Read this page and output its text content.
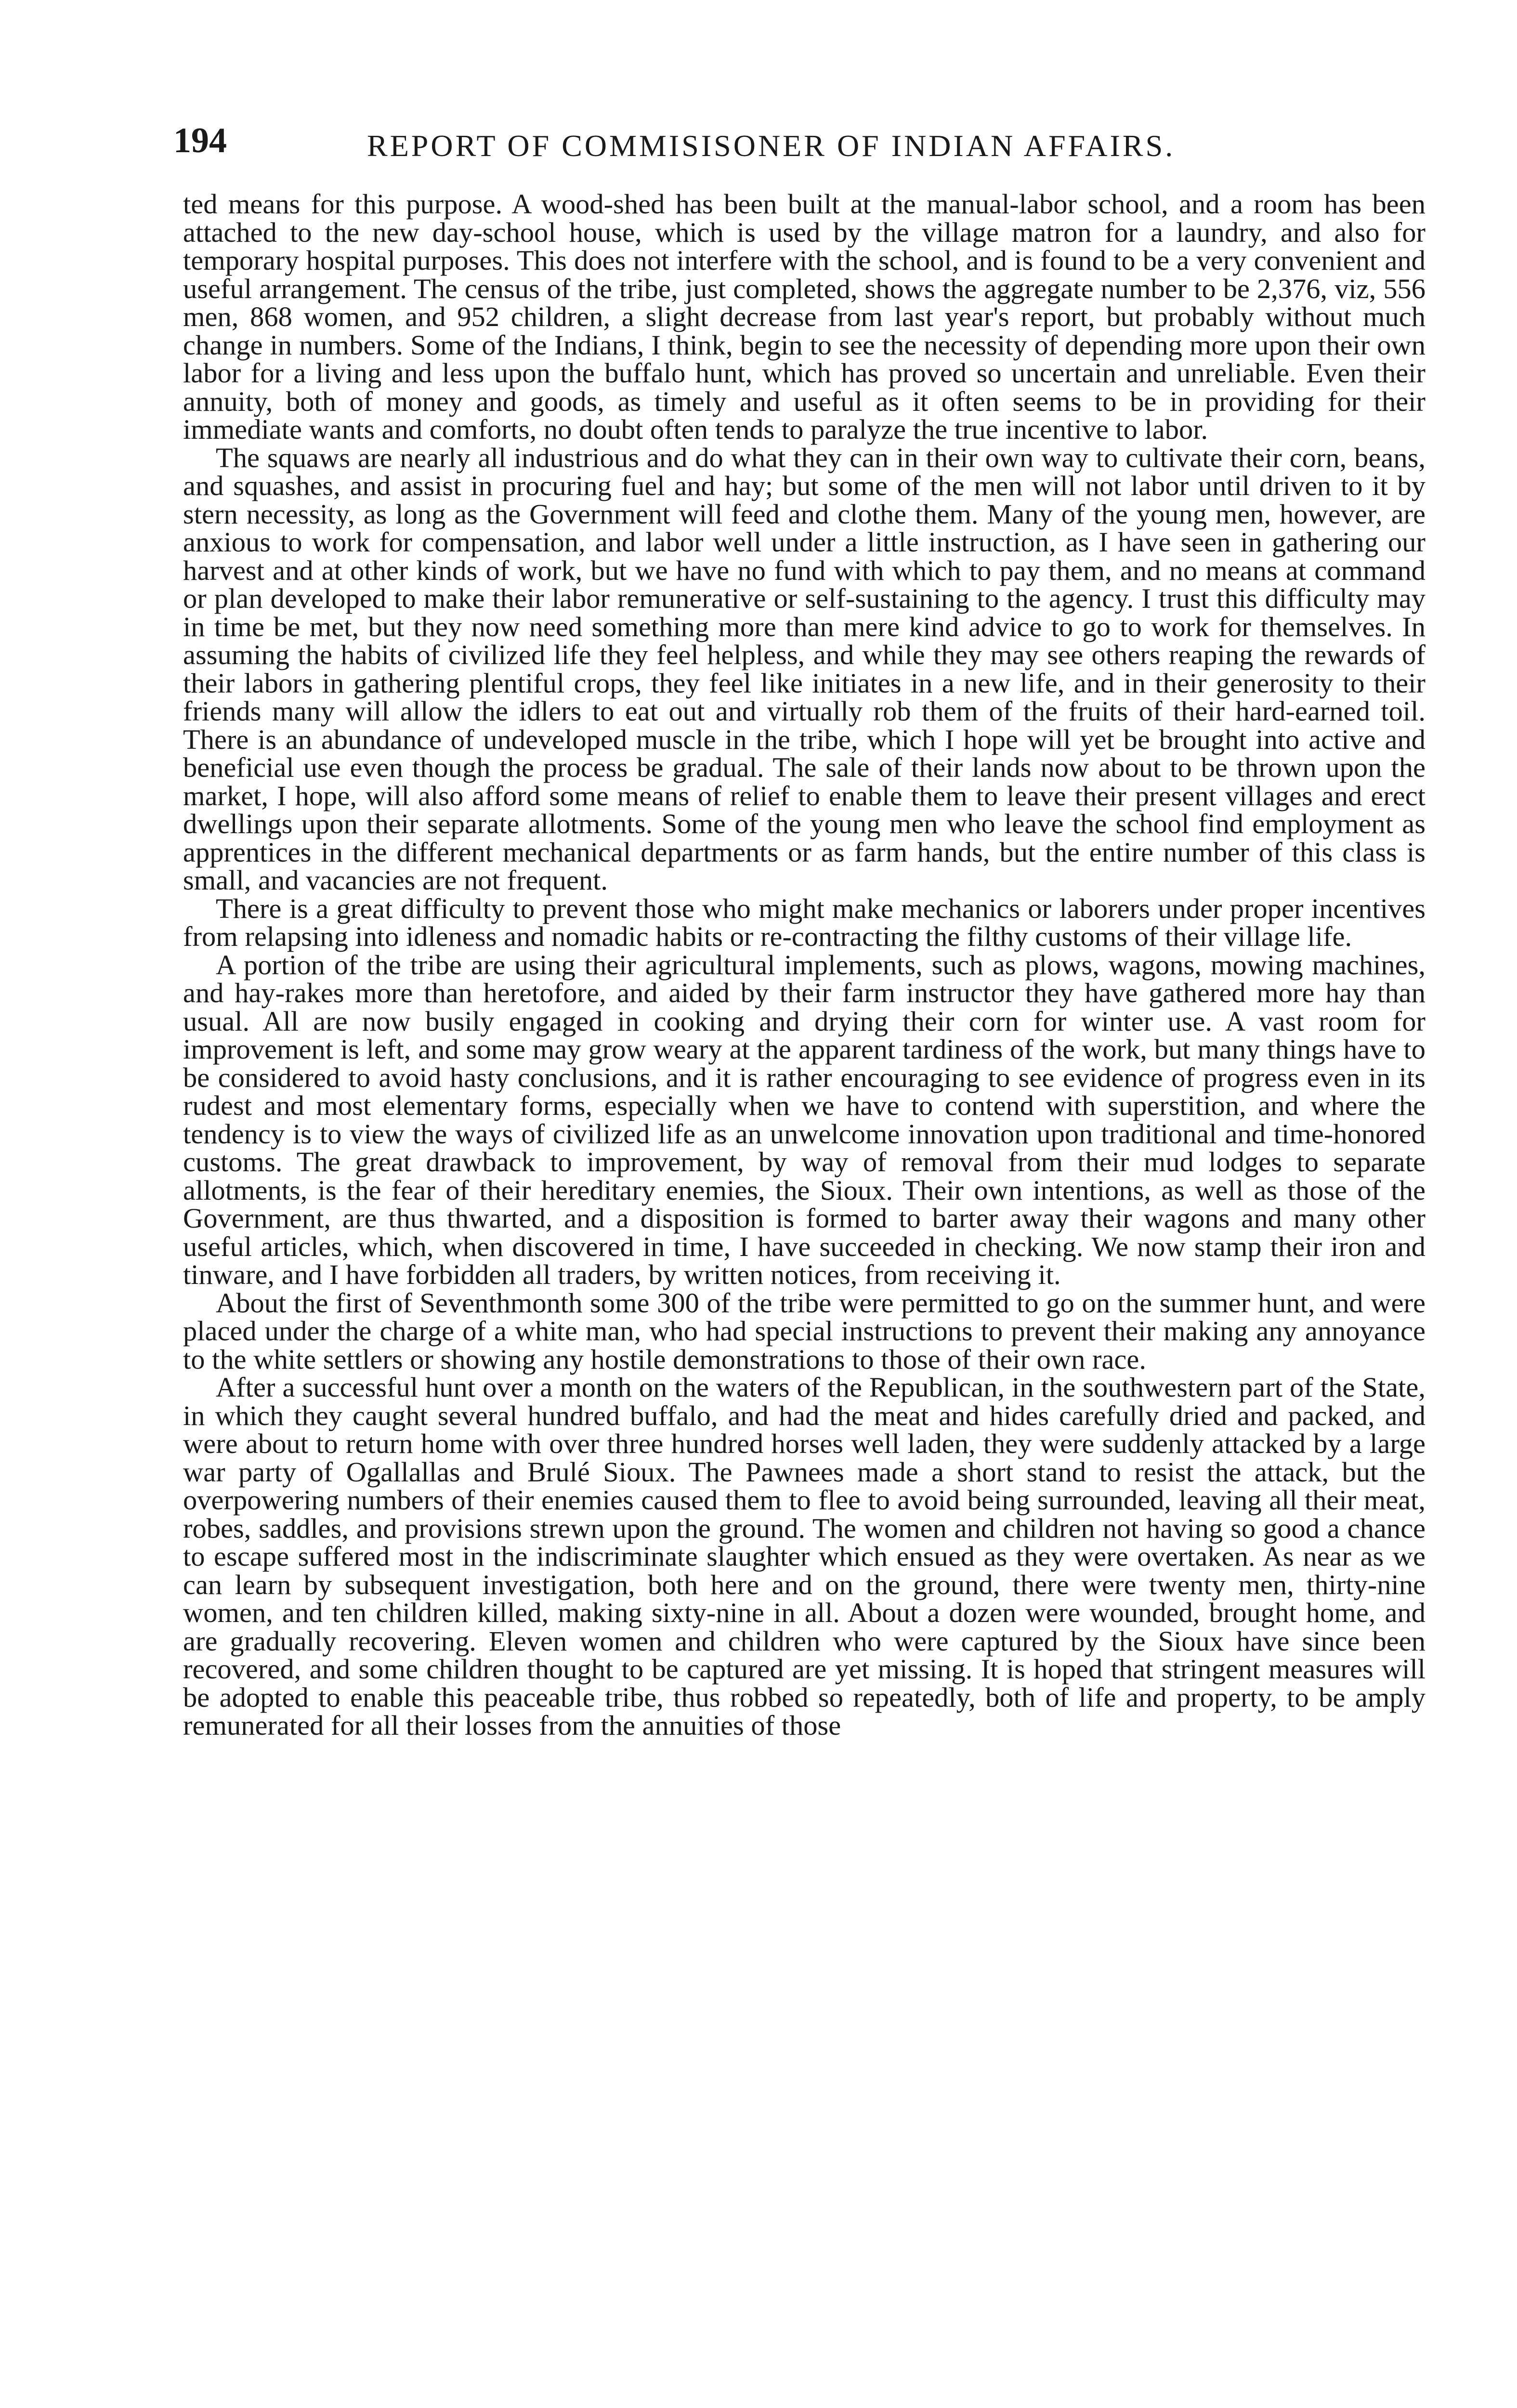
194	REPORT OF COMMISISONER OF INDIAN AFFAIRS.

ted means for this purpose. A wood-shed has been built at the manual-labor school, and a room has been attached to the new day-school house, which is used by the village matron for a laundry, and also for temporary hospital purposes. This does not interfere with the school, and is found to be a very convenient and useful arrangement. The census of the tribe, just completed, shows the aggregate number to be 2,376, viz, 556 men, 868 women, and 952 children, a slight decrease from last year's report, but probably without much change in numbers. Some of the Indians, I think, begin to see the necessity of depending more upon their own labor for a living and less upon the buffalo hunt, which has proved so uncertain and unreliable. Even their annuity, both of money and goods, as timely and useful as it often seems to be in providing for their immediate wants and comforts, no doubt often tends to paralyze the true incentive to labor.

The squaws are nearly all industrious and do what they can in their own way to cultivate their corn, beans, and squashes, and assist in procuring fuel and hay; but some of the men will not labor until driven to it by stern necessity, as long as the Government will feed and clothe them. Many of the young men, however, are anxious to work for compensation, and labor well under a little instruction, as I have seen in gathering our harvest and at other kinds of work, but we have no fund with which to pay them, and no means at command or plan developed to make their labor remunerative or self-sustaining to the agency. I trust this difficulty may in time be met, but they now need something more than mere kind advice to go to work for themselves. In assuming the habits of civilized life they feel helpless, and while they may see others reaping the rewards of their labors in gathering plentiful crops, they feel like initiates in a new life, and in their generosity to their friends many will allow the idlers to eat out and virtually rob them of the fruits of their hard-earned toil. There is an abundance of undeveloped muscle in the tribe, which I hope will yet be brought into active and beneficial use even though the process be gradual. The sale of their lands now about to be thrown upon the market, I hope, will also afford some means of relief to enable them to leave their present villages and erect dwellings upon their separate allotments. Some of the young men who leave the school find employment as apprentices in the different mechanical departments or as farm hands, but the entire number of this class is small, and vacancies are not frequent.

There is a great difficulty to prevent those who might make mechanics or laborers under proper incentives from relapsing into idleness and nomadic habits or re-contracting the filthy customs of their village life.

A portion of the tribe are using their agricultural implements, such as plows, wagons, mowing machines, and hay-rakes more than heretofore, and aided by their farm instructor they have gathered more hay than usual. All are now busily engaged in cooking and drying their corn for winter use. A vast room for improvement is left, and some may grow weary at the apparent tardiness of the work, but many things have to be considered to avoid hasty conclusions, and it is rather encouraging to see evidence of progress even in its rudest and most elementary forms, especially when we have to contend with superstition, and where the tendency is to view the ways of civilized life as an unwelcome innovation upon traditional and time-honored customs. The great drawback to improvement, by way of removal from their mud lodges to separate allotments, is the fear of their hereditary enemies, the Sioux. Their own intentions, as well as those of the Government, are thus thwarted, and a disposition is formed to barter away their wagons and many other useful articles, which, when discovered in time, I have succeeded in checking. We now stamp their iron and tinware, and I have forbidden all traders, by written notices, from receiving it.

About the first of Seventhmonth some 300 of the tribe were permitted to go on the summer hunt, and were placed under the charge of a white man, who had special instructions to prevent their making any annoyance to the white settlers or showing any hostile demonstrations to those of their own race.

After a successful hunt over a month on the waters of the Republican, in the southwestern part of the State, in which they caught several hundred buffalo, and had the meat and hides carefully dried and packed, and were about to return home with over three hundred horses well laden, they were suddenly attacked by a large war party of Ogallallas and Brulé Sioux. The Pawnees made a short stand to resist the attack, but the overpowering numbers of their enemies caused them to flee to avoid being surrounded, leaving all their meat, robes, saddles, and provisions strewn upon the ground. The women and children not having so good a chance to escape suffered most in the indiscriminate slaughter which ensued as they were overtaken. As near as we can learn by subsequent investigation, both here and on the ground, there were twenty men, thirty-nine women, and ten children killed, making sixty-nine in all. About a dozen were wounded, brought home, and are gradually recovering. Eleven women and children who were captured by the Sioux have since been recovered, and some children thought to be captured are yet missing. It is hoped that stringent measures will be adopted to enable this peaceable tribe, thus robbed so repeatedly, both of life and property, to be amply remunerated for all their losses from the annuities of those
